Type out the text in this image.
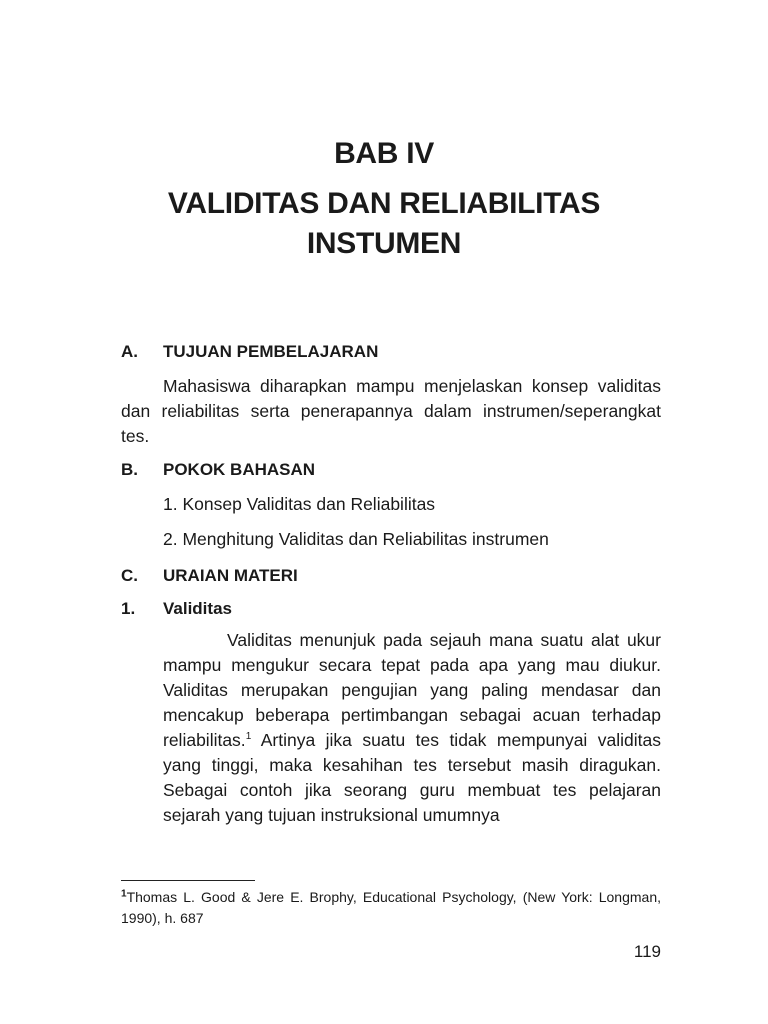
BAB IV
VALIDITAS DAN RELIABILITAS
INSTUMEN
A. TUJUAN PEMBELAJARAN

Mahasiswa diharapkan mampu menjelaskan konsep validitas dan reliabilitas serta penerapannya dalam instrumen/seperangkat tes.

B. POKOK BAHASAN
1. Konsep Validitas dan Reliabilitas
2. Menghitung Validitas dan Reliabilitas instrumen
C. URAIAN MATERI
1. Validitas

Validitas menunjuk pada sejauh mana suatu alat ukur mampu mengukur secara tepat pada apa yang mau diukur. Validitas merupakan pengujian yang paling mendasar dan mencakup beberapa pertimbangan sebagai acuan terhadap reliabilitas.$^1$ Artinya jika suatu tes tidak mempunyai validitas yang tinggi, maka kesahihan tes tersebut masih diragukan. Sebagai contoh jika seorang guru membuat tes pelajaran sejarah yang tujuan instruksional umumnya

$^1$Thomas L. Good & Jere E. Brophy, Educational Psychology, (New York: Longman, 1990), h. 687

119
